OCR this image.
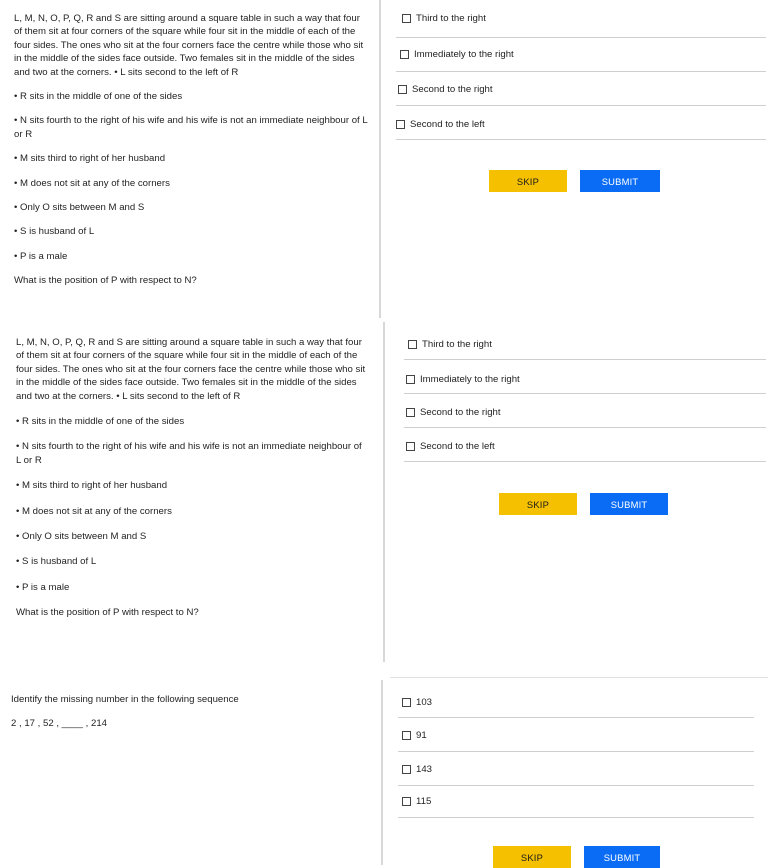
L, M, N, O, P, Q, R and S are sitting around a square table in such a way that four of them sit at four corners of the square while four sit in the middle of each of the four sides. The ones who sit at the four corners face the centre while those who sit in the middle of the sides face outside. Two females sit in the middle of the sides and two at the corners. • L sits second to the left of R

• R sits in the middle of one of the sides

• N sits fourth to the right of his wife and his wife is not an immediate neighbour of L or R

• M sits third to right of her husband

• M does not sit at any of the corners

• Only O sits between M and S

• S is husband of L

• P is a male

What is the position of P with respect to N?

Third to the right
Immediately to the right
Second to the right
Second to the left
SKIP	SUBMIT

L, M, N, O, P, Q, R and S are sitting around a square table in such a way that four of them sit at four corners of the square while four sit in the middle of each of the four sides. The ones who sit at the four corners face the centre while those who sit in the middle of the sides face outside. Two females sit in the middle of the sides and two at the corners. • L sits second to the left of R

• R sits in the middle of one of the sides

• N sits fourth to the right of his wife and his wife is not an immediate neighbour of L or R

• M sits third to right of her husband

• M does not sit at any of the corners

• Only O sits between M and S

• S is husband of L

• P is a male

What is the position of P with respect to N?

Third to the right
Immediately to the right
Second to the right
Second to the left
SKIP	SUBMIT

Identify the missing number in the following sequence

2 , 17 , 52 , ____ , 214

103
91
143
115
SKIP	SUBMIT
